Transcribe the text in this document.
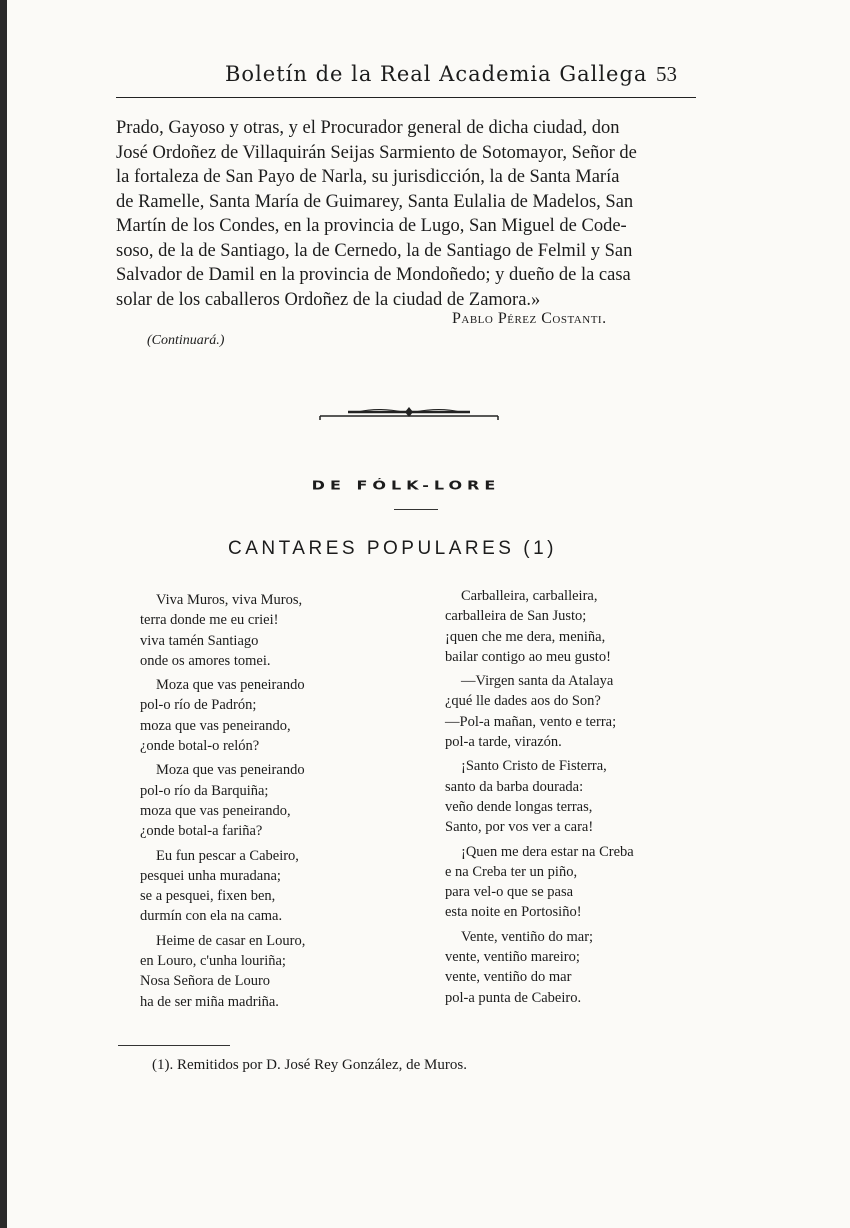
Boletín de la Real Academia Gallega 53
Prado, Gayoso y otras, y el Procurador general de dicha ciudad, don
José Ordoñez de Villaquirán Seijas Sarmiento de Sotomayor, Señor de
la fortaleza de San Payo de Narla, su jurisdicción, la de Santa María
de Ramelle, Santa María de Guimarey, Santa Eulalia de Madelos, San
Martín de los Condes, en la provincia de Lugo, San Miguel de Code-
soso, de la de Santiago, la de Cernedo, la de Santiago de Felmil y San
Salvador de Damil en la provincia de Mondoñedo; y dueño de la casa
solar de los caballeros Ordoñez de la ciudad de Zamora.»
Pablo Pérez Costanti.
(Continuará.)
DE FÓLK-LORE
CANTARES POPULARES (1)
Viva Muros, viva Muros,
terra donde me eu criei!
viva tamén Santiago
onde os amores tomei.
Moza que vas peneirando
pol-o río de Padrón;
moza que vas peneirando,
¿onde botal-o relón?
Moza que vas peneirando
pol-o río da Barquiña;
moza que vas peneirando,
¿onde botal-a fariña?
Eu fun pescar a Cabeiro,
pesquei unha muradana;
se a pesquei, fixen ben,
durmín con ela na cama.
Heime de casar en Louro,
en Louro, c'unha louriña;
Nosa Señora de Louro
ha de ser miña madriña.
Carballeira, carballeira,
carballeira de San Justo;
¡quen che me dera, meniña,
bailar contigo ao meu gusto!
—Virgen santa da Atalaya
¿qué lle dades aos do Son?
—Pol-a mañan, vento e terra;
pol-a tarde, virazón.
¡Santo Cristo de Fisterra,
santo da barba dourada:
veño dende longas terras,
Santo, por vos ver a cara!
¡Quen me dera estar na Creba
e na Creba ter un piño,
para vel-o que se pasa
esta noite en Portosiño!
Vente, ventiño do mar;
vente, ventiño mareiro;
vente, ventiño do mar
pol-a punta de Cabeiro.
(1). Remitidos por D. José Rey González, de Muros.
